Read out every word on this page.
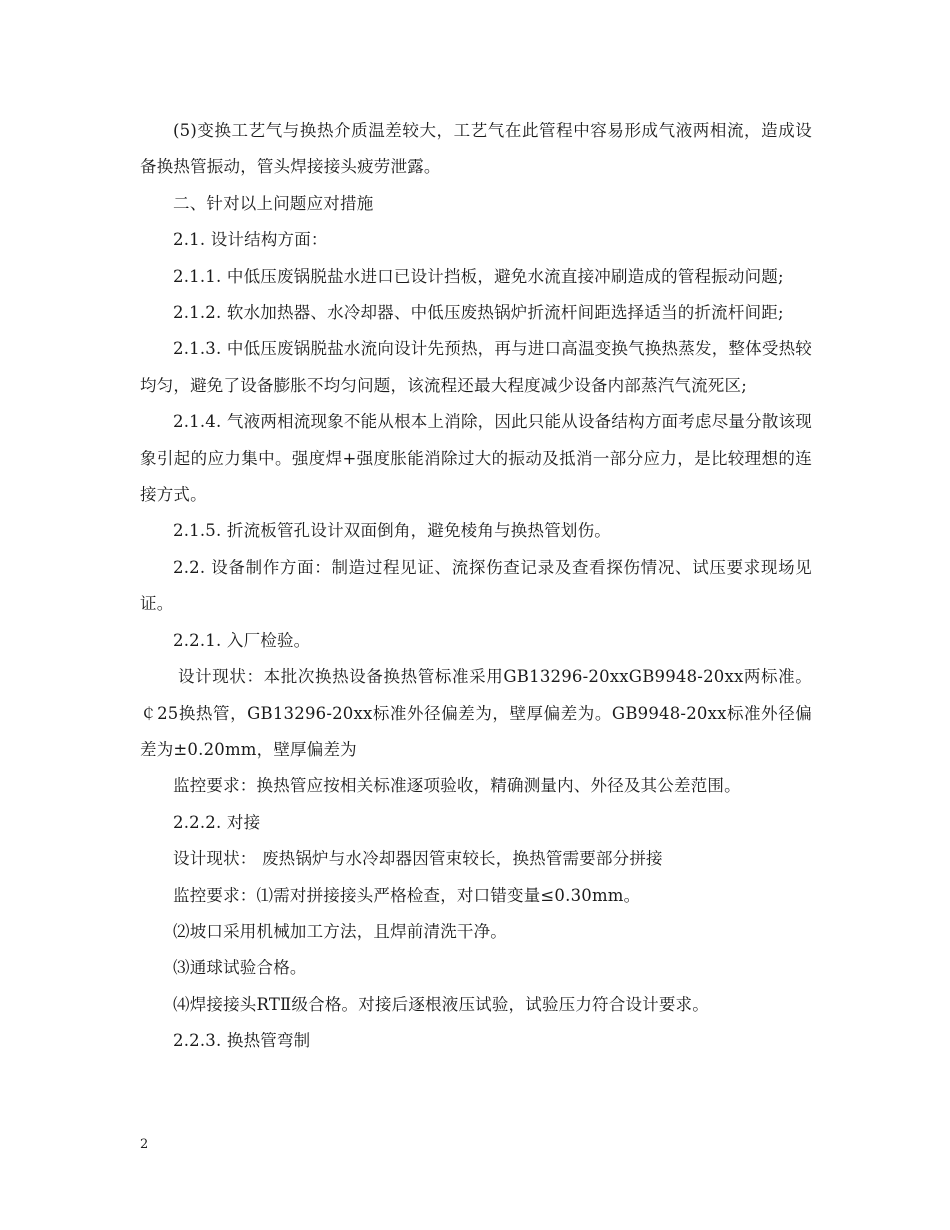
(5)变换工艺气与换热介质温差较大，工艺气在此管程中容易形成气液两相流，造成设备换热管振动，管头焊接接头疲劳泄露。

二、针对以上问题应对措施

2.1. 设计结构方面：

2.1.1. 中低压废锅脱盐水进口已设计挡板，避免水流直接冲刷造成的管程振动问题;

2.1.2. 软水加热器、水冷却器、中低压废热锅炉折流杆间距选择适当的折流杆间距;

2.1.3. 中低压废锅脱盐水流向设计先预热，再与进口高温变换气换热蒸发，整体受热较均匀，避免了设备膨胀不均匀问题，该流程还最大程度减少设备内部蒸汽气流死区;

2.1.4. 气液两相流现象不能从根本上消除，因此只能从设备结构方面考虑尽量分散该现象引起的应力集中。强度焊+强度胀能消除过大的振动及抵消一部分应力，是比较理想的连接方式。

2.1.5. 折流板管孔设计双面倒角，避免棱角与换热管划伤。

2.2. 设备制作方面：制造过程见证、流探伤查记录及查看探伤情况、试压要求现场见证。

2.2.1. 入厂检验。

设计现状：本批次换热设备换热管标准采用GB13296-20xxGB9948-20xx两标准。￠25换热管，GB13296-20xx标准外径偏差为，壁厚偏差为。GB9948-20xx标准外径偏差为±0.20mm，壁厚偏差为

监控要求：换热管应按相关标准逐项验收，精确测量内、外径及其公差范围。

2.2.2. 对接

设计现状： 废热锅炉与水冷却器因管束较长，换热管需要部分拼接

监控要求：⑴需对拼接接头严格检查，对口错变量≤0.30mm。

⑵坡口采用机械加工方法，且焊前清洗干净。

⑶通球试验合格。

⑷焊接接头RTⅡ级合格。对接后逐根液压试验，试验压力符合设计要求。

2.2.3. 换热管弯制

2
